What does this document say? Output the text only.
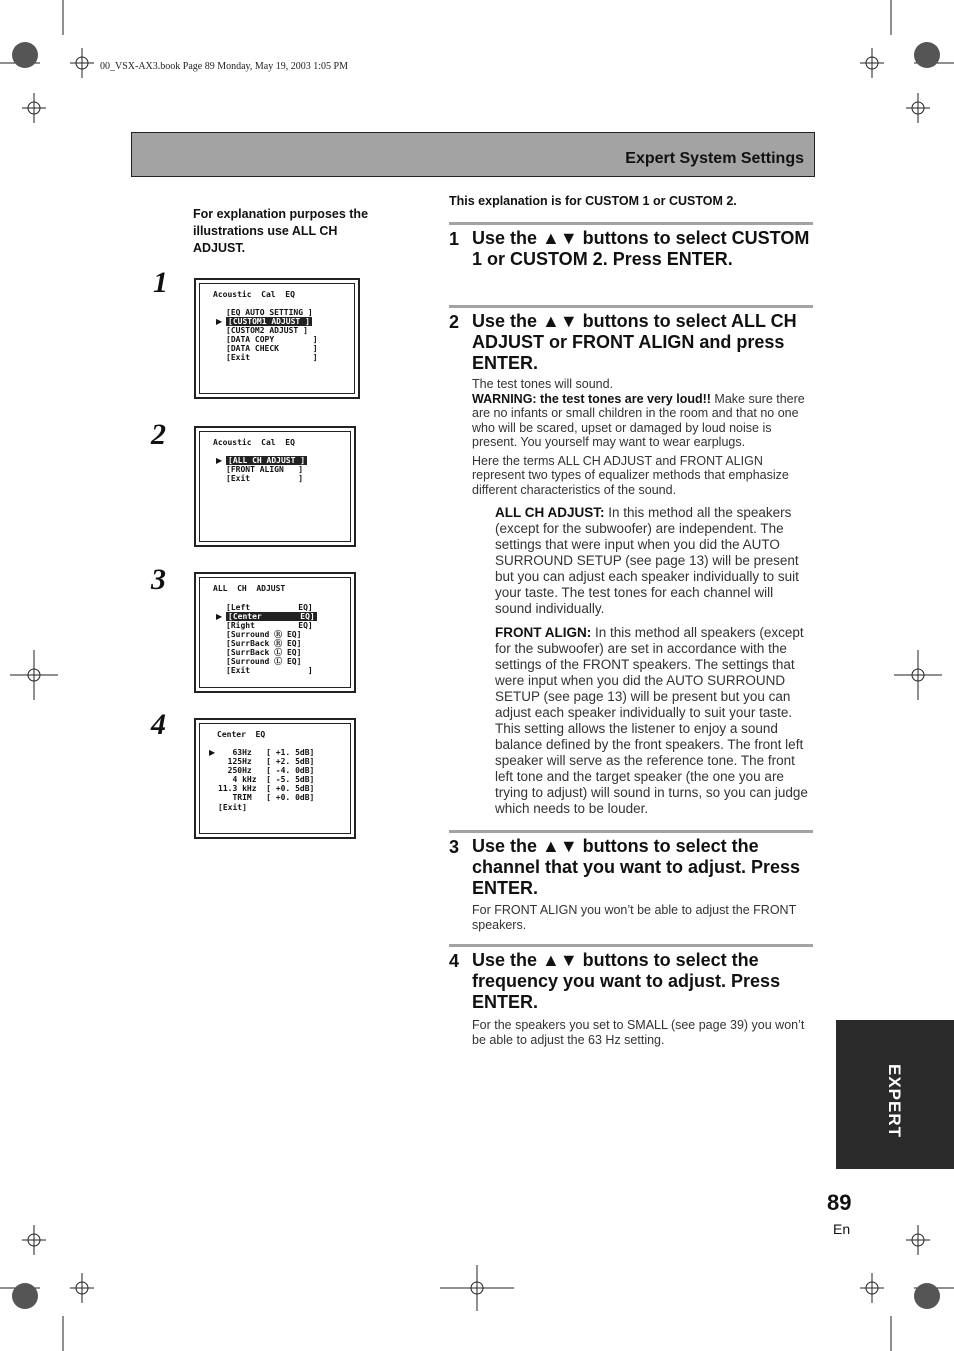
00_VSX-AX3.book Page 89 Monday, May 19, 2003 1:05 PM
Expert System Settings
For explanation purposes the illustrations use ALL CH ADJUST.
1
2
3
4
Acoustic  Cal  EQ
▶
[EQ AUTO SETTING ]
[CUSTOM1 ADJUST ]
[CUSTOM2 ADJUST ]
[DATA COPY        ]
[DATA CHECK       ]
[Exit             ]
Acoustic  Cal  EQ
▶ [ALL CH ADJUST ]
[FRONT ALIGN   ]
[Exit          ]
ALL  CH  ADJUST
▶
[Left          EQ]
[Center        EQ]
[Right         EQ]
[Surround Ⓡ EQ]
[SurrBack Ⓡ EQ]
[SurrBack Ⓛ EQ]
[Surround Ⓛ EQ]
[Exit            ]
Center  EQ
▶ 63Hz   [ +1. 5dB]
125Hz   [ +2. 5dB]
250Hz   [ -4. 0dB]
4 kHz  [ -5. 5dB]
11.3 kHz  [ +0. 5dB]
TRIM   [ +0. 0dB]
[Exit]
This explanation is for CUSTOM 1 or CUSTOM 2.
1 Use the ▲▼ buttons to select CUSTOM 1 or CUSTOM 2. Press ENTER.
2 Use the ▲▼ buttons to select ALL CH ADJUST or FRONT ALIGN and press ENTER.
The test tones will sound.
WARNING: the test tones are very loud!! Make sure there are no infants or small children in the room and that no one who will be scared, upset or damaged by loud noise is present. You yourself may want to wear earplugs.
Here the terms ALL CH ADJUST and FRONT ALIGN represent two types of equalizer methods that emphasize different characteristics of the sound.
ALL CH ADJUST: In this method all the speakers (except for the subwoofer) are independent. The settings that were input when you did the AUTO SURROUND SETUP (see page 13) will be present but you can adjust each speaker individually to suit your taste. The test tones for each channel will sound individually.
FRONT ALIGN: In this method all speakers (except for the subwoofer) are set in accordance with the settings of the FRONT speakers. The settings that were input when you did the AUTO SURROUND SETUP (see page 13) will be present but you can adjust each speaker individually to suit your taste. This setting allows the listener to enjoy a sound balance defined by the front speakers. The front left speaker will serve as the reference tone. The front left tone and the target speaker (the one you are trying to adjust) will sound in turns, so you can judge which needs to be louder.
3 Use the ▲▼ buttons to select the channel that you want to adjust. Press ENTER.
For FRONT ALIGN you won’t be able to adjust the FRONT speakers.
4 Use the ▲▼ buttons to select the frequency you want to adjust. Press ENTER.
For the speakers you set to SMALL (see page 39) you won’t be able to adjust the 63 Hz setting.
EXPERT
89
En
